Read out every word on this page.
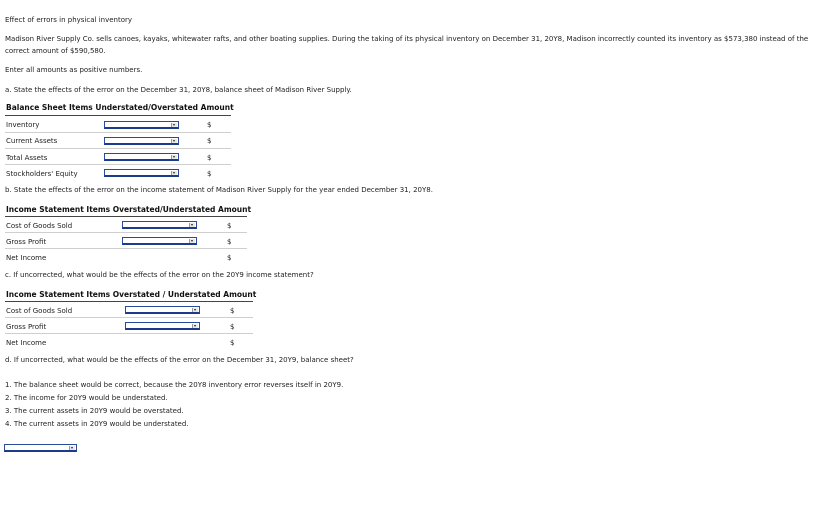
Effect of errors in physical inventory
Madison River Supply Co. sells canoes, kayaks, whitewater rafts, and other boating supplies. During the taking of its physical inventory on December 31, 20Y8, Madison incorrectly counted its inventory as $573,380 instead of the
correct amount of $590,580.
Enter all amounts as positive numbers.
a. State the effects of the error on the December 31, 20Y8, balance sheet of Madison River Supply.
Balance Sheet Items Understated/Overstated Amount
Inventory	$
Current Assets	$
Total Assets	$
Stockholders' Equity	$
b. State the effects of the error on the income statement of Madison River Supply for the year ended December 31, 20Y8.
Income Statement Items Overstated/Understated Amount
Cost of Goods Sold	$
Gross Profit	$
Net Income	$
c. If uncorrected, what would be the effects of the error on the 20Y9 income statement?
Income Statement Items Overstated / Understated Amount
Cost of Goods Sold	$
Gross Profit	$
Net Income	$
d. If uncorrected, what would be the effects of the error on the December 31, 20Y9, balance sheet?
1. The balance sheet would be correct, because the 20Y8 inventory error reverses itself in 20Y9.
2. The income for 20Y9 would be understated.
3. The current assets in 20Y9 would be overstated.
4. The current assets in 20Y9 would be understated.
